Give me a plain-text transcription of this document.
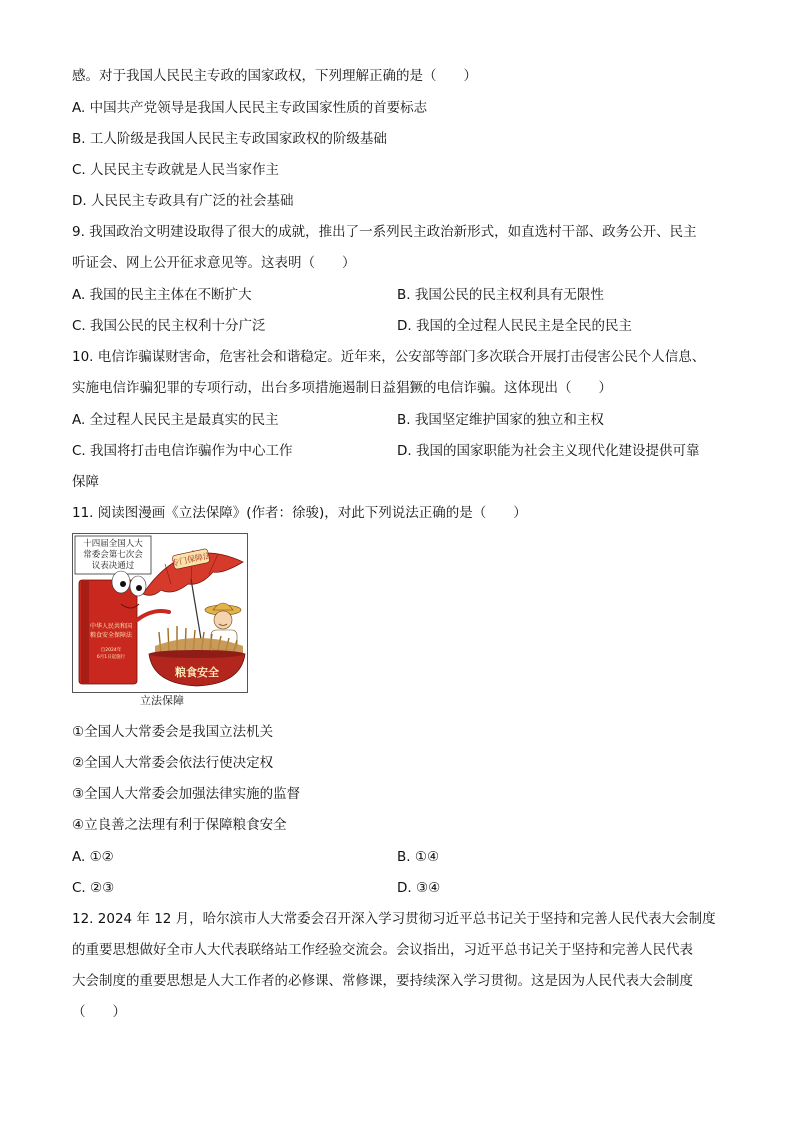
感。对于我国人民民主专政的国家政权，下列理解正确的是（　　）
A. 中国共产党领导是我国人民民主专政国家性质的首要标志
B. 工人阶级是我国人民民主专政国家政权的阶级基础
C. 人民民主专政就是人民当家作主
D. 人民民主专政具有广泛的社会基础
9. 我国政治文明建设取得了很大的成就，推出了一系列民主政治新形式，如直选村干部、政务公开、民主
听证会、网上公开征求意见等。这表明（　　）
A. 我国的民主主体在不断扩大	B. 我国公民的民主权利具有无限性
C. 我国公民的民主权利十分广泛	D. 我国的全过程人民民主是全民的民主
10. 电信诈骗谋财害命，危害社会和谐稳定。近年来，公安部等部门多次联合开展打击侵害公民个人信息、
实施电信诈骗犯罪的专项行动，出台多项措施遏制日益猖獗的电信诈骗。这体现出（　　）
A. 全过程人民民主是最真实的民主	B. 我国坚定维护国家的独立和主权
C. 我国将打击电信诈骗作为中心工作	D. 我国的国家职能为社会主义现代化建设提供可靠
保障
11. 阅读图漫画《立法保障》(作者：徐骏)，对此下列说法正确的是（　　）
十四届全国人大
常委会第七次会
议表决通过	专门保障法
中华人民共和国
粮食安全保障法
自2024年
6月1日起施行
粮食安全
立法保障
①全国人大常委会是我国立法机关
②全国人大常委会依法行使决定权
③全国人大常委会加强法律实施的监督
④立良善之法理有利于保障粮食安全
A. ①②	B. ①④
C. ②③	D. ③④
12. 2024 年 12 月，哈尔滨市人大常委会召开深入学习贯彻习近平总书记关于坚持和完善人民代表大会制度
的重要思想做好全市人大代表联络站工作经验交流会。会议指出，习近平总书记关于坚持和完善人民代表
大会制度的重要思想是人大工作者的必修课、常修课，要持续深入学习贯彻。这是因为人民代表大会制度
（　　）
